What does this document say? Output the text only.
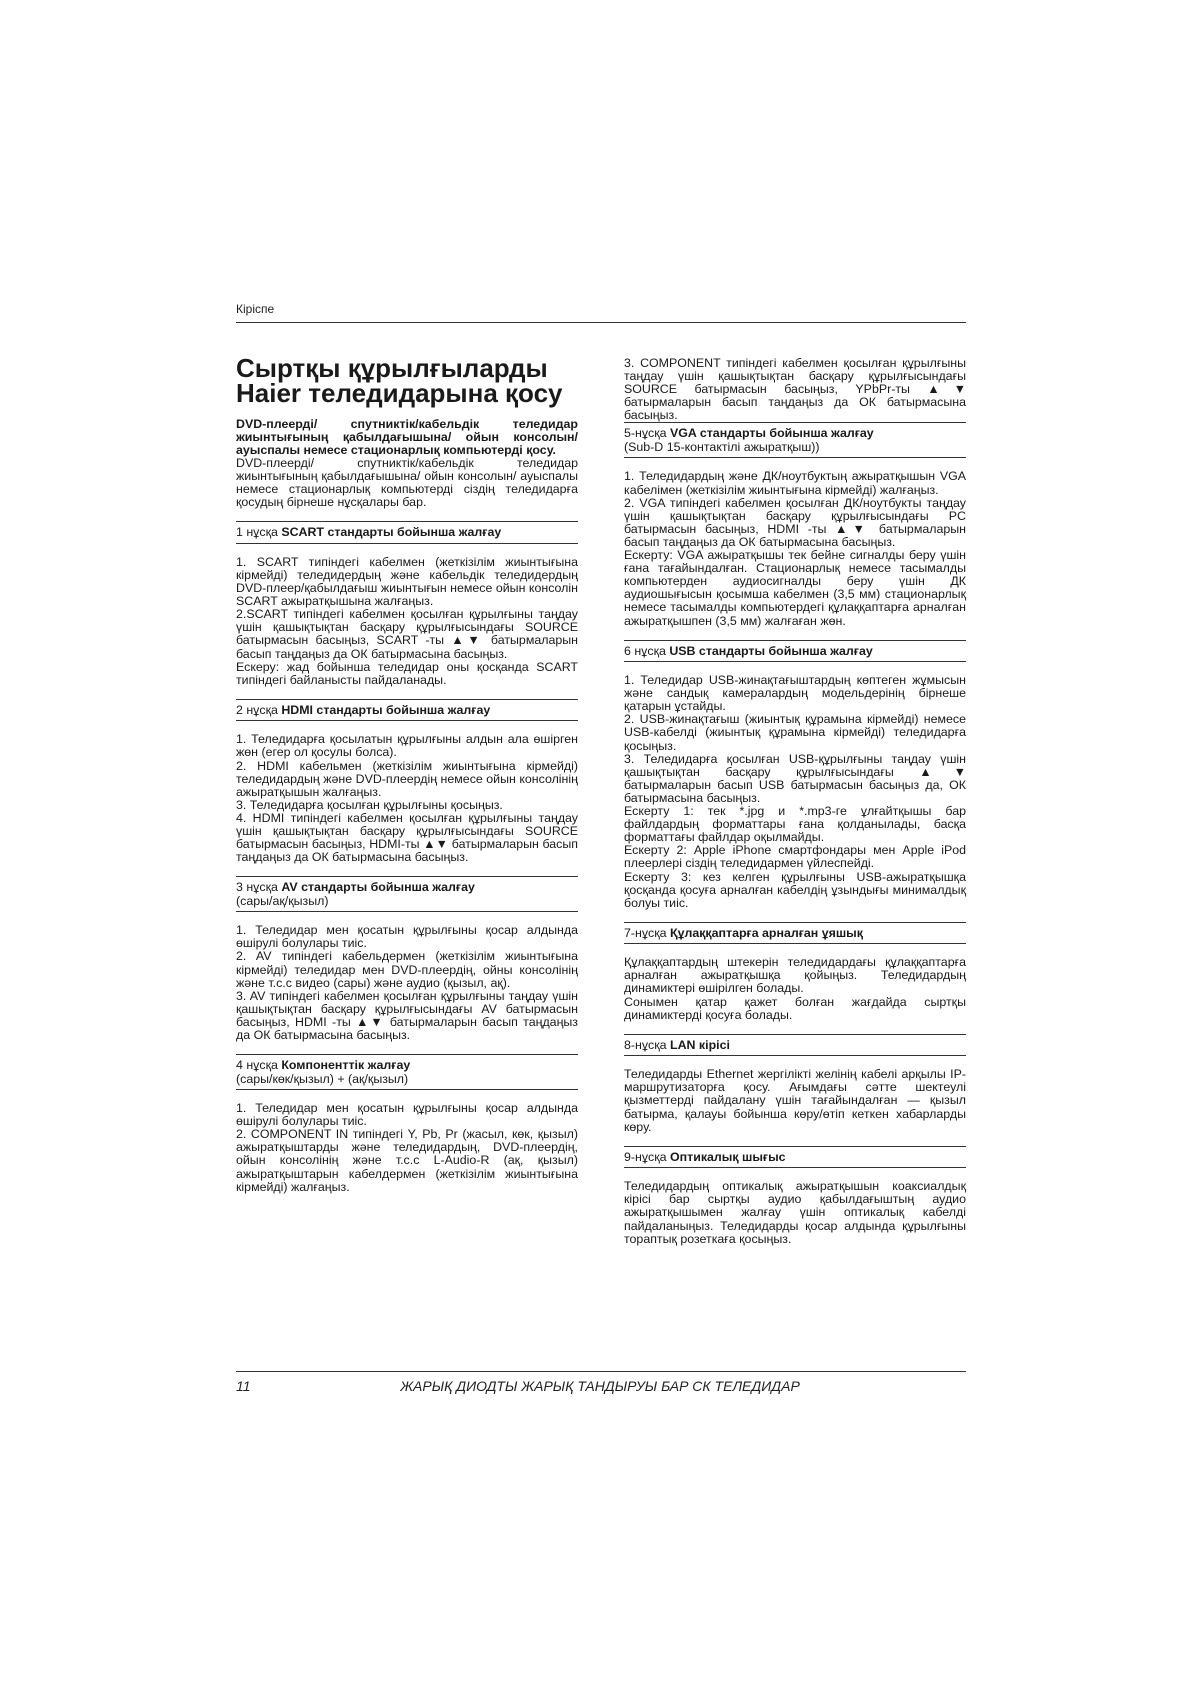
Кіріспе
Сыртқы құрылғыларды Haier теледидарына қосу

DVD-плеерді/ спутниктік/кабельдік теледидар жиынтығының қабылдағышына/ ойын консолын/ ауыспалы немесе стационарлық компьютерді қосу.

DVD-плеерді/ спутниктік/кабельдік теледидар жиынтығының қабылдағышына/ ойын консолын/ ауыспалы немесе стационарлық компьютерді сіздің теледидарға қосудың бірнеше нұсқалары бар.

1 нұсқа SCART стандарты бойынша жалғау

1. SCART типіндегі кабелмен (жеткізілім жиынтығына кірмейді) теледидердың және кабельдік теледидердың DVD-плеер/қабылдағыш жиынтығын немесе ойын консолін SCART ажыратқышына жалғаңыз.

2.SCART типіндегі кабелмен қосылған құрылғыны таңдау үшін қашықтықтан басқару құрылғысындағы SOURCE батырмасын басыңыз, SCART -ты ▲▼ батырмаларын басып таңдаңыз да ОК батырмасына басыңыз.

Ескеру: жад бойынша теледидар оны қосқанда SCART типіндегі байланысты пайдаланады.

2 нұсқа HDMI стандарты бойынша жалғау

1. Теледидарға қосылатын құрылғыны алдын ала өшірген жөн (егер ол қосулы болса).

2. HDMI кабельмен (жеткізілім жиынтығына кірмейді) теледидардың және DVD-плеердің немесе ойын консолінің ажыратқышын жалғаңыз.

3. Теледидарға қосылған құрылғыны қосыңыз.

4. HDMI типіндегі кабелмен қосылған құрылғыны таңдау үшін қашықтықтан басқару құрылғысындағы SOURCE батырмасын басыңыз, HDMI-ты ▲▼ батырмаларын басып таңдаңыз да ОК батырмасына басыңыз.

3 нұсқа AV стандарты бойынша жалғау
(сары/ақ/қызыл)

1. Теледидар мен қосатын құрылғыны қосар алдында өшірулі болулары тиіс.

2. AV типіндегі кабельдермен (жеткізілім жиынтығына кірмейді) теледидар мен DVD-плеердің, ойны консолінің және т.с.с видео (сары) және аудио (қызыл, ақ).

3. AV типіндегі кабелмен қосылған құрылғыны таңдау үшін қашықтықтан басқару құрылғысындағы AV батырмасын басыңыз, HDMI -ты ▲▼ батырмаларын басып таңдаңыз да ОК батырмасына басыңыз.

4 нұсқа Компоненттік жалғау
(сары/көк/қызыл) + (ақ/қызыл)

1. Теледидар мен қосатын құрылғыны қосар алдында өшірулі болулары тиіс.

2. COMPONENT IN типіндегі Y, Pb, Pr (жасыл, көк, қызыл) ажыратқыштарды және теледидардың, DVD-плеердің, ойын консолінің және т.с.с L-Audio-R (ақ, қызыл) ажыратқыштарын кабелдермен (жеткізілім жиынтығына кірмейді) жалғаңыз.

3. COMPONENT типіндегі кабелмен қосылған құрылғыны таңдау үшін қашықтықтан басқару құрылғысындағы SOURCE батырмасын басыңыз, YPbPr-ты ▲▼ батырмаларын басып таңдаңыз да ОК батырмасына басыңыз.

5-нұсқа VGA стандарты бойынша жалғау
(Sub-D 15-контактілі ажыратқыш))

1. Теледидардың және ДК/ноутбуктың ажыратқышын VGA кабелімен (жеткізілім жиынтығына кірмейді) жалғаңыз.

2. VGA типіндегі кабелмен қосылған ДК/ноутбукты таңдау үшін қашықтықтан басқару құрылғысындағы PC батырмасын басыңыз, HDMI -ты ▲▼ батырмаларын басып таңдаңыз да ОК батырмасына басыңыз.

Ескерту: VGA ажыратқышы тек бейне сигналды беру үшін ғана тағайындалған. Стационарлық немесе тасымалды компьютерден аудиосигналды беру үшін ДК аудиошығысын қосымша кабелмен (3,5 мм) стационарлық немесе тасымалды компьютердегі құлаққаптарға арналған ажыратқышпен (3,5 мм) жалғаған жөн.

6 нұсқа USB стандарты бойынша жалғау

1. Теледидар USB-жинақтағыштардың көптеген жұмысын және сандық камералардың модельдерінің бірнеше қатарын ұстайды.

2. USB-жинақтағыш (жиынтық құрамына кірмейді) немесе USB-кабелді (жиынтық құрамына кірмейді) теледидарға қосыңыз.

3. Теледидарға қосылған USB-құрылғыны таңдау үшін қашықтықтан басқару құрылғысындағы ▲▼ батырмаларын басып USB батырмасын басыңыз да, ОК батырмасына басыңыз.

Ескерту 1: тек *.jpg и *.mp3-ге ұлғайтқышы бар файлдардың форматтары ғана қолданылады, басқа форматтағы файлдар оқылмайды.

Ескерту 2: Apple iPhone смартфондары мен Apple iPod плеерлері сіздің теледидармен үйлеспейді.

Ескерту 3: кез келген құрылғыны USB-ажыратқышқа қосқанда қосуға арналған кабелдің ұзындығы минималдық болуы тиіс.

7-нұсқа Құлаққаптарға арналған ұяшық

Құлаққаптардың штекерін теледидардағы құлаққаптарға арналған ажыратқышқа қойыңыз. Теледидардың динамиктері өшірілген болады.

Сонымен қатар қажет болған жағдайда сыртқы динамиктерді қосуға болады.

8-нұсқа LAN кірісі

Теледидарды Ethernet жергілікті желінің кабелі арқылы IP-маршрутизаторға қосу. Ағымдағы сәтте шектеулі қызметтерді пайдалану үшін тағайындалған — қызыл батырма, қалауы бойынша көру/өтіп кеткен хабарларды көру.

9-нұсқа Оптикалық шығыс

Теледидардың оптикалық ажыратқышын коаксиалдық кірісі бар сыртқы аудио қабылдағыштың аудио ажыратқышымен жалғау үшін оптикалық кабелді пайдаланыңыз. Теледидарды қосар алдында құрылғыны тораптық розеткаға қосыңыз.

11	ЖАРЫҚ ДИОДТЫ ЖАРЫҚ ТАНДЫРУЫ БАР СК ТЕЛЕДИДАР
